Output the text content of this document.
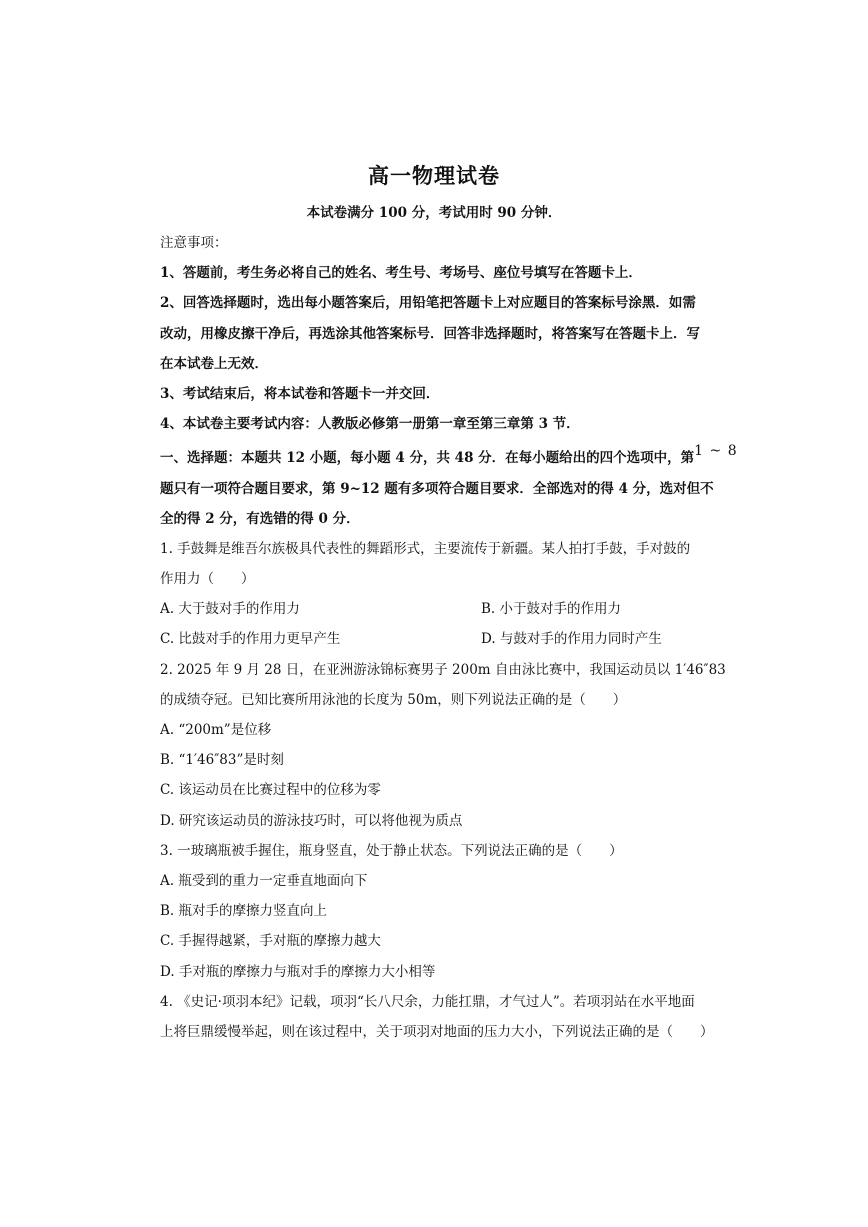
高一物理试卷
本试卷满分 100 分，考试用时 90 分钟．
注意事项：
1、答题前，考生务必将自己的姓名、考生号、考场号、座位号填写在答题卡上．
2、回答选择题时，选出每小题答案后，用铅笔把答题卡上对应题目的答案标号涂黑．如需
改动，用橡皮擦干净后，再选涂其他答案标号．回答非选择题时，将答案写在答题卡上．写
在本试卷上无效．
3、考试结束后，将本试卷和答题卡一并交回．
4、本试卷主要考试内容：人教版必修第一册第一章至第三章第 3 节．
一、选择题：本题共 12 小题，每小题 4 分，共 48 分．在每小题给出的四个选项中，第1 ~ 8
题只有一项符合题目要求，第 9~12 题有多项符合题目要求．全部选对的得 4 分，选对但不
全的得 2 分，有选错的得 0 分．
1. 手鼓舞是维吾尔族极具代表性的舞蹈形式，主要流传于新疆。某人拍打手鼓，手对鼓的
作用力（　　）
A. 大于鼓对手的作用力	B. 小于鼓对手的作用力
C. 比鼓对手的作用力更早产生	D. 与鼓对手的作用力同时产生
2. 2025 年 9 月 28 日，在亚洲游泳锦标赛男子 200m 自由泳比赛中，我国运动员以 1′46″83
的成绩夺冠。已知比赛所用泳池的长度为 50m，则下列说法正确的是（　　）
A. “200m”是位移
B. “1′46″83”是时刻
C. 该运动员在比赛过程中的位移为零
D. 研究该运动员的游泳技巧时，可以将他视为质点
3. 一玻璃瓶被手握住，瓶身竖直，处于静止状态。下列说法正确的是（　　）
A. 瓶受到的重力一定垂直地面向下
B. 瓶对手的摩擦力竖直向上
C. 手握得越紧，手对瓶的摩擦力越大
D. 手对瓶的摩擦力与瓶对手的摩擦力大小相等
4. 《史记·项羽本纪》记载，项羽“长八尺余，力能扛鼎，才气过人”。若项羽站在水平地面
上将巨鼎缓慢举起，则在该过程中，关于项羽对地面的压力大小，下列说法正确的是（　　）
